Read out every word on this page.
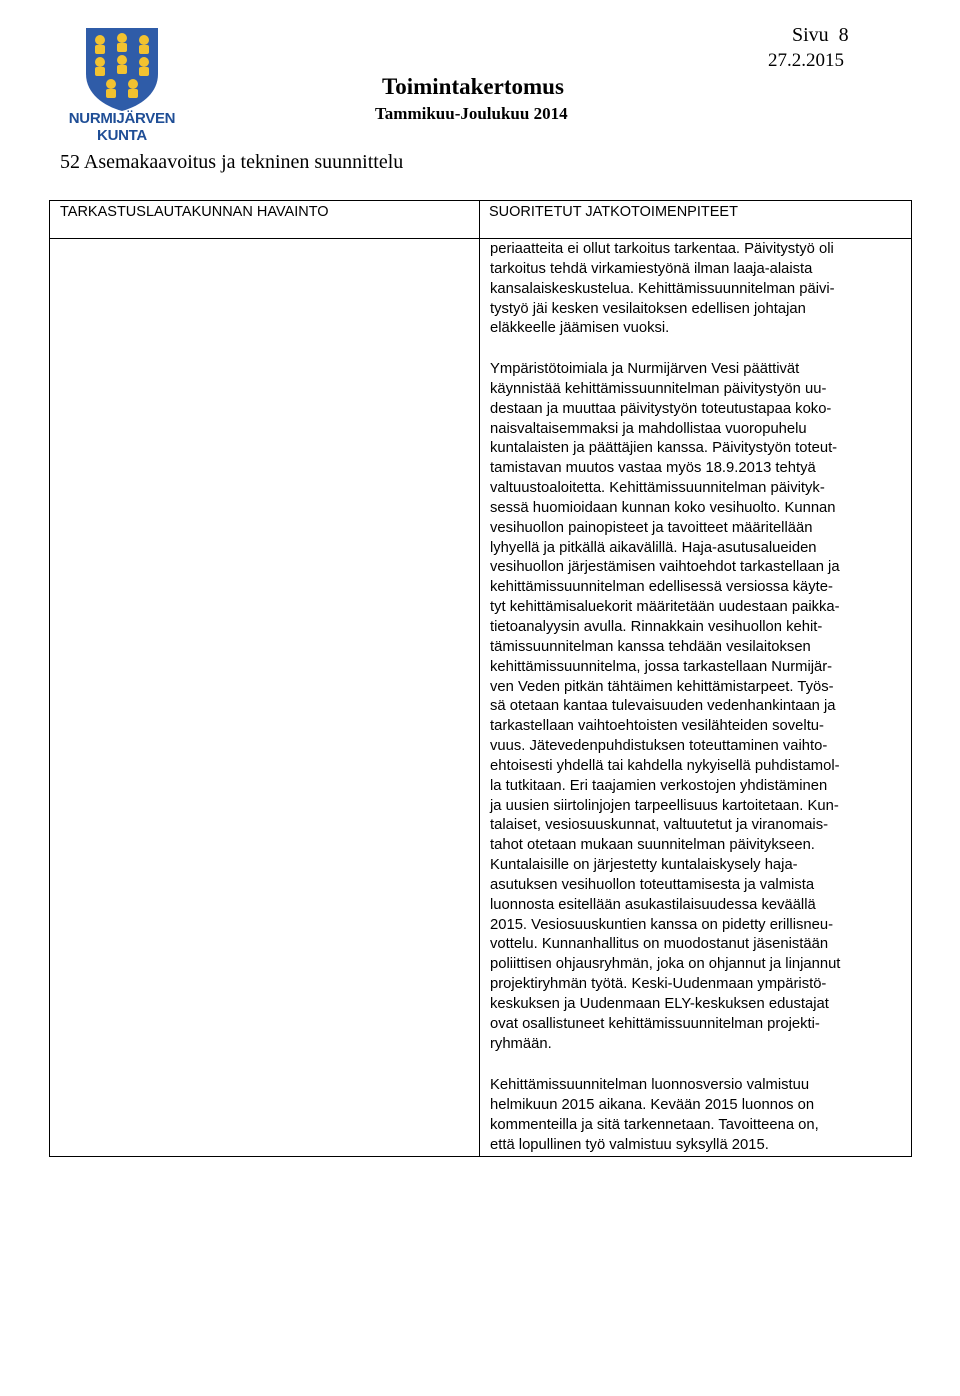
NURMIJÄRVEN
KUNTA
Sivu  8
27.2.2015
Toimintakertomus
Tammikuu-Joulukuu 2014
52 Asemakaavoitus ja tekninen suunnittelu
TARKASTUSLAUTAKUNNAN HAVAINTO	SUORITETUT JATKOTOIMENPITEET
periaatteita ei ollut tarkoitus tarkentaa. Päivitystyö oli
tarkoitus tehdä virkamiestyönä ilman laaja-alaista
kansalaiskeskustelua. Kehittämissuunnitelman päivi-
tystyö jäi kesken vesilaitoksen edellisen johtajan
eläkkeelle jäämisen vuoksi.
Ympäristötoimiala ja Nurmijärven Vesi päättivät
käynnistää kehittämissuunnitelman päivitystyön uu-
destaan ja muuttaa päivitystyön toteutustapaa koko-
naisvaltaisemmaksi ja mahdollistaa vuoropuhelu
kuntalaisten ja päättäjien kanssa. Päivitystyön toteut-
tamistavan muutos vastaa myös 18.9.2013 tehtyä
valtuustoaloitetta. Kehittämissuunnitelman päivityk-
sessä huomioidaan kunnan koko vesihuolto. Kunnan
vesihuollon painopisteet ja tavoitteet määritellään
lyhyellä ja pitkällä aikavälillä. Haja-asutusalueiden
vesihuollon järjestämisen vaihtoehdot tarkastellaan ja
kehittämissuunnitelman edellisessä versiossa käyte-
tyt kehittämisaluekorit määritetään uudestaan paikka-
tietoanalyysin avulla. Rinnakkain vesihuollon kehit-
tämissuunnitelman kanssa tehdään vesilaitoksen
kehittämissuunnitelma, jossa tarkastellaan Nurmijär-
ven Veden pitkän tähtäimen kehittämistarpeet. Työs-
sä otetaan kantaa tulevaisuuden vedenhankintaan ja
tarkastellaan vaihtoehtoisten vesilähteiden soveltu-
vuus. Jätevedenpuhdistuksen toteuttaminen vaihto-
ehtoisesti yhdellä tai kahdella nykyisellä puhdistamol-
la tutkitaan. Eri taajamien verkostojen yhdistäminen
ja uusien siirtolinjojen tarpeellisuus kartoitetaan. Kun-
talaiset, vesiosuuskunnat, valtuutetut ja viranomais-
tahot otetaan mukaan suunnitelman päivitykseen.
Kuntalaisille on järjestetty kuntalaiskysely haja-
asutuksen vesihuollon toteuttamisesta ja valmista
luonnosta esitellään asukastilaisuudessa keväällä
2015. Vesiosuuskuntien kanssa on pidetty erillisneu-
vottelu. Kunnanhallitus on muodostanut jäsenistään
poliittisen ohjausryhmän, joka on ohjannut ja linjannut
projektiryhmän työtä. Keski-Uudenmaan ympäristö-
keskuksen ja Uudenmaan ELY-keskuksen edustajat
ovat osallistuneet kehittämissuunnitelman projekti-
ryhmään.
Kehittämissuunnitelman luonnosversio valmistuu
helmikuun 2015 aikana. Kevään 2015 luonnos on
kommenteilla ja sitä tarkennetaan. Tavoitteena on,
että lopullinen työ valmistuu syksyllä 2015.
